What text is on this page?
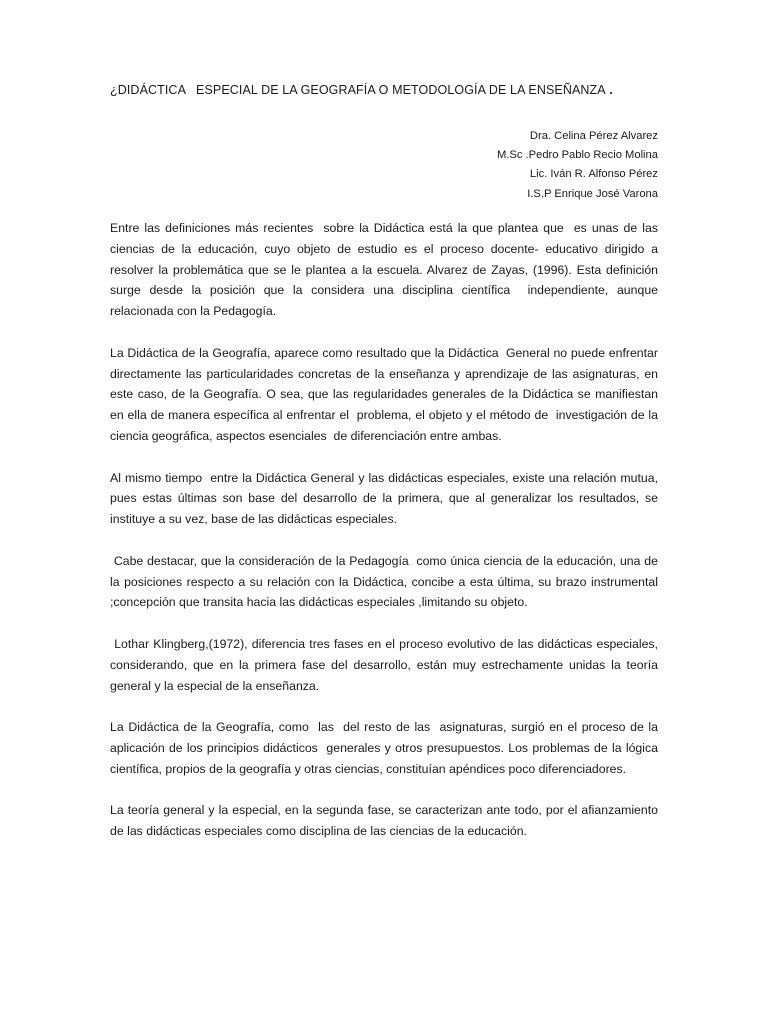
¿DIDÁCTICA   ESPECIAL DE LA GEOGRAFÍA O METODOLOGÍA DE LA ENSEÑANZA .
Dra. Celina Pérez Alvarez
M.Sc .Pedro Pablo Recio Molina
Lic. Iván R. Alfonso Pérez
I.S.P Enrique José Varona

Entre las definiciones más recientes  sobre la Didáctica está la que plantea que  es unas de las ciencias de la educación, cuyo objeto de estudio es el proceso docente- educativo dirigido a resolver la problemática que se le plantea a la escuela. Alvarez de Zayas, (1996). Esta definición surge desde la posición que la considera una disciplina científica  independiente, aunque relacionada con la Pedagogía.

La Didáctica de la Geografía, aparece como resultado que la Didáctica  General no puede enfrentar directamente las particularidades concretas de la enseñanza y aprendizaje de las asignaturas, en este caso, de la Geografía. O sea, que las regularidades generales de la Didáctica se manifiestan en ella de manera específica al enfrentar el  problema, el objeto y el método de  investigación de la ciencia geográfica, aspectos esenciales  de diferenciación entre ambas.

Al mismo tiempo  entre la Didáctica General y las didácticas especiales, existe una relación mutua, pues estas últimas son base del desarrollo de la primera, que al generalizar los resultados, se instituye a su vez, base de las didácticas especiales.

Cabe destacar, que la consideración de la Pedagogía  como única ciencia de la educación, una de la posiciones respecto a su relación con la Didáctica, concibe a esta última, su brazo instrumental ;concepción que transita hacia las didácticas especiales ,limitando su objeto.

Lothar Klingberg,(1972), diferencia tres fases en el proceso evolutivo de las didácticas especiales, considerando, que en la primera fase del desarrollo, están muy estrechamente unidas la teoría general y la especial de la enseñanza.

La Didáctica de la Geografía, como  las  del resto de las  asignaturas, surgió en el proceso de la aplicación de los principios didácticos  generales y otros presupuestos. Los problemas de la lógica científica, propios de la geografía y otras ciencias, constituían apéndices poco diferenciadores.

La teoría general y la especial, en la segunda fase, se caracterizan ante todo, por el afianzamiento de las didácticas especiales como disciplina de las ciencias de la educación.
